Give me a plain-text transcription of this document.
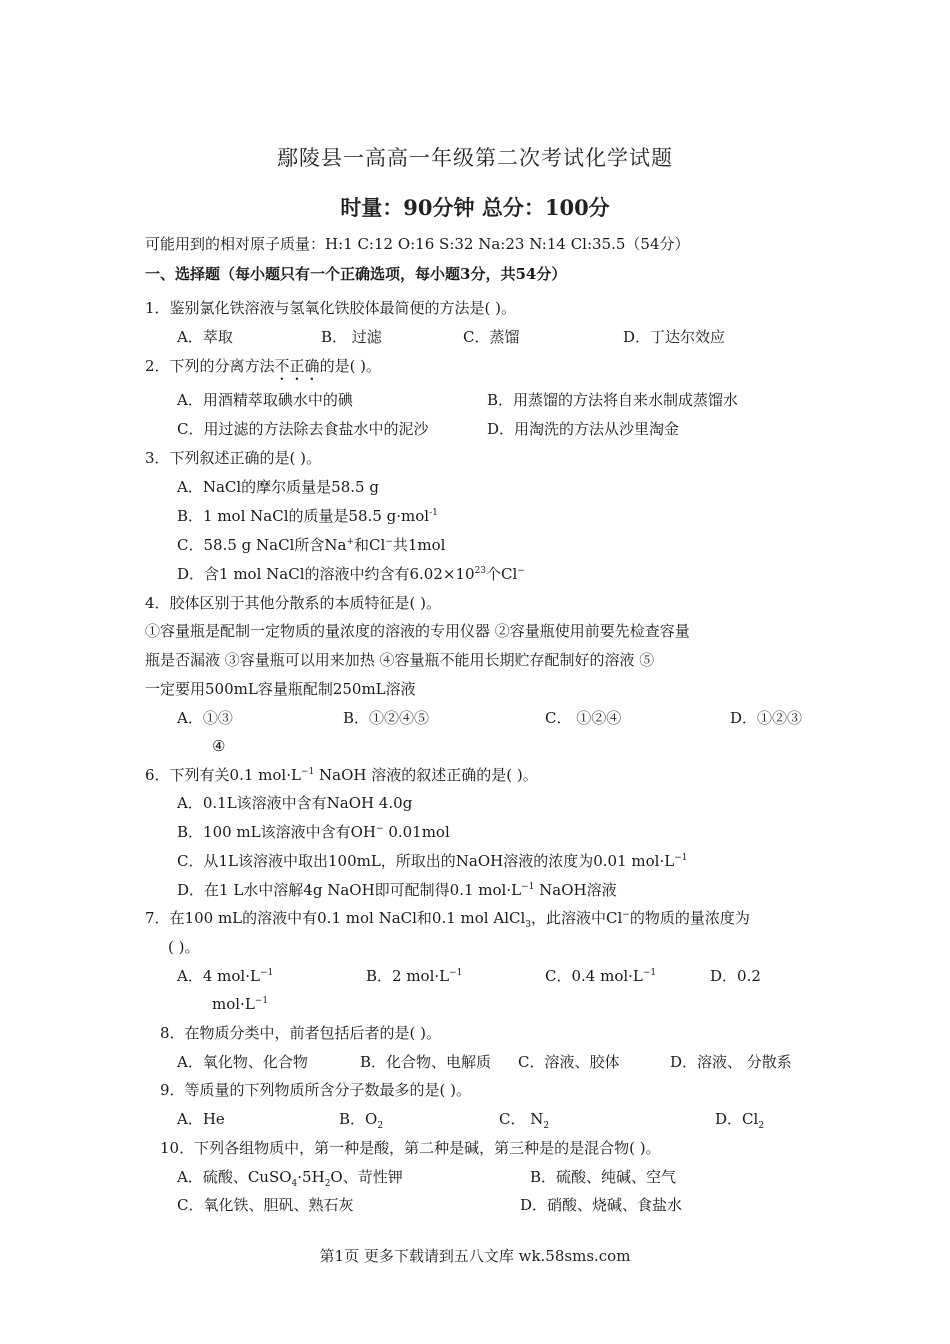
鄢陵县一高高一年级第二次考试化学试题
时量：90分钟 总分：100分
可能用到的相对原子质量：H:1 C:12 O:16 S:32 Na:23 N:14 Cl:35.5（54分）
一、选择题（每小题只有一个正确选项，每小题3分，共54分）
1．鉴别氯化铁溶液与氢氧化铁胶体最简便的方法是( )。
A．萃取	B． 过滤	C．蒸馏	D．丁达尔效应
2．下列的分离方法不正确的是( )。
A．用酒精萃取碘水中的碘	B．用蒸馏的方法将自来水制成蒸馏水
C．用过滤的方法除去食盐水中的泥沙	D．用淘洗的方法从沙里淘金
3．下列叙述正确的是( )。
A．NaCl的摩尔质量是58.5 g
B．1 mol NaCl的质量是58.5 g·mol$^{-1}$
C．58.5 g NaCl所含Na+和Cl−共1mol
D．含1 mol NaCl的溶液中约含有$6.02\times 10^{23}$个Cl−
4．胶体区别于其他分散系的本质特征是( )。
①容量瓶是配制一定物质的量浓度的溶液的专用仪器 ②容量瓶使用前要先检查容量
瓶是否漏液 ③容量瓶可以用来加热 ④容量瓶不能用长期贮存配制好的溶液 ⑤
一定要用500mL容量瓶配制250mL溶液
A．①③	B．①②④⑤	C． ①②④	D．①②③
④
6．下列有关0.1 $mol\cdot L^{-1}$ NaOH 溶液的叙述正确的是( )。
A．0.1L该溶液中含有NaOH 4.0g
B．100 mL该溶液中含有OH− 0.01mol
C．从1L该溶液中取出100mL，所取出的NaOH溶液的浓度为0.01 $mol\cdot L^{-1}$
D．在1 L水中溶解4g NaOH即可配制得0.1 $mol\cdot L^{-1}$ NaOH溶液
7．在100 mL的溶液中有0.1 mol NaCl和0.1 mol AlCl$_3$，此溶液中Cl−的物质的量浓度为
( )。
A．4 $mol\cdot L^{-1}$	B．2 $mol\cdot L^{-1}$	C．0.4 $mol\cdot L^{-1}$	D．0.2
$mol\cdot L^{-1}$
8．在物质分类中，前者包括后者的是( )。
A．氧化物、化合物	B．化合物、电解质 C．溶液、胶体	D．溶液、 分散系
9．等质量的下列物质所含分子数最多的是( )。
A．He	B．$O_2$	C． $N_2$	D．$Cl_2$
10．下列各组物质中，第一种是酸，第二种是碱，第三种是的是混合物( )。
A．硫酸、$CuSO_4\cdot 5H_2O$、苛性钾	B．硫酸、纯碱、空气
C．氧化铁、胆矾、熟石灰	D．硝酸、烧碱、食盐水
第1页 更多下载请到五八文库 wk.58sms.com
